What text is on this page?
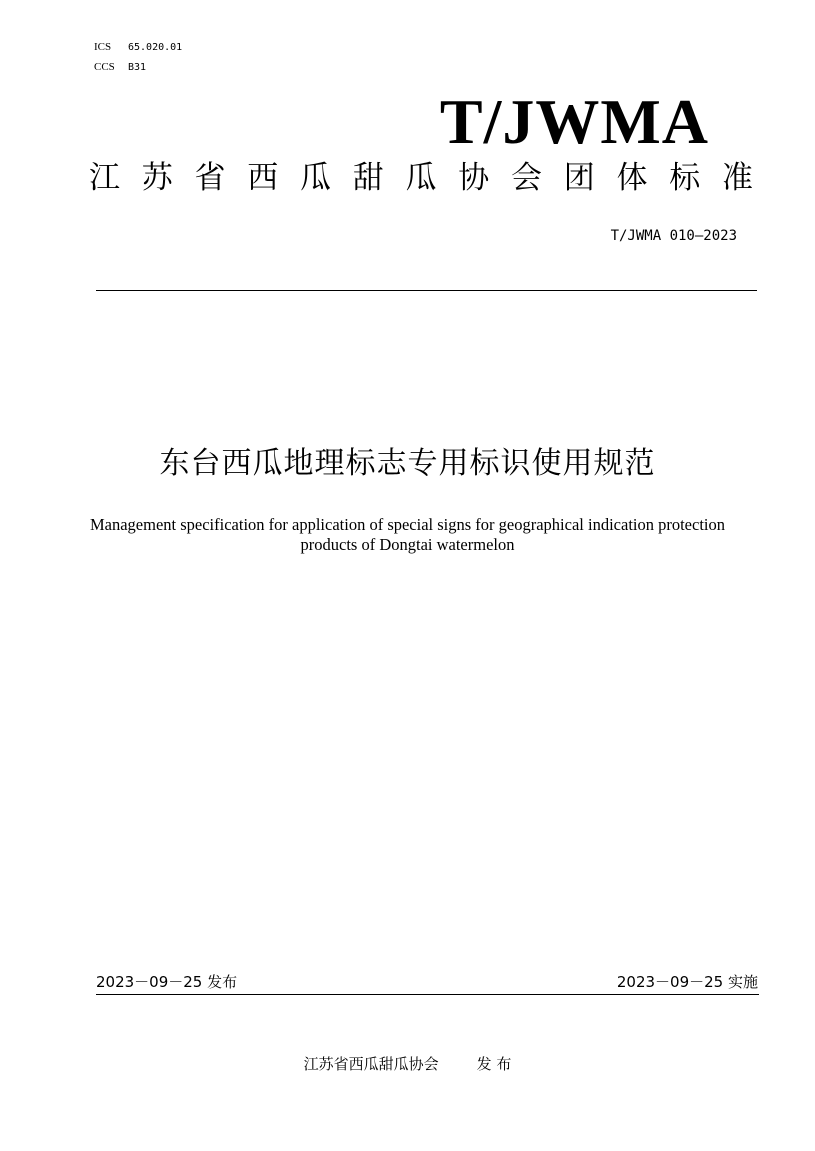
ICS 65.020.01
CCS B31
T/JWMA
江 苏 省 西 瓜 甜 瓜 协 会 团 体 标 准
T/JWMA 010—2023
东台西瓜地理标志专用标识使用规范
Management specification for application of special signs for geographical indication protection products of Dongtai watermelon
2023－09－25 发布	2023－09－25 实施
江苏省西瓜甜瓜协会	发 布
